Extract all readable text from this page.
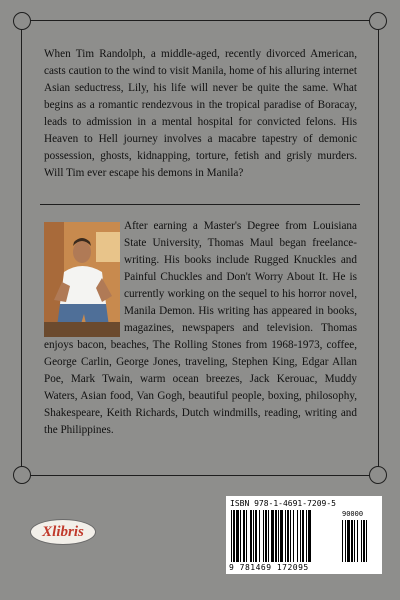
When Tim Randolph, a middle-aged, recently divorced American, casts caution to the wind to visit Manila, home of his alluring internet Asian seductress, Lily, his life will never be quite the same. What begins as a romantic rendezvous in the tropical paradise of Boracay, leads to admission in a mental hospital for convicted felons. His Heaven to Hell journey involves a macabre tapestry of demonic possession, ghosts, kidnapping, torture, fetish and grisly murders. Will Tim ever escape his demons in Manila?

After earning a Master's Degree from Louisiana State University, Thomas Maul began freelance-writing. His books include Rugged Knuckles and Painful Chuckles and Don't Worry About It. He is currently working on the sequel to his horror novel, Manila Demon. His writing has appeared in books, magazines, newspapers and television. Thomas enjoys bacon, beaches, The Rolling Stones from 1968-1973, coffee, George Carlin, George Jones, traveling, Stephen King, Edgar Allan Poe, Mark Twain, warm ocean breezes, Jack Kerouac, Muddy Waters, Asian food, Van Gogh, beautiful people, boxing, philosophy, Shakespeare, Keith Richards, Dutch windmills, reading, writing and the Philippines.

Xlibris
ISBN 978-1-4691-7209-5
90000
9 781469 172095
